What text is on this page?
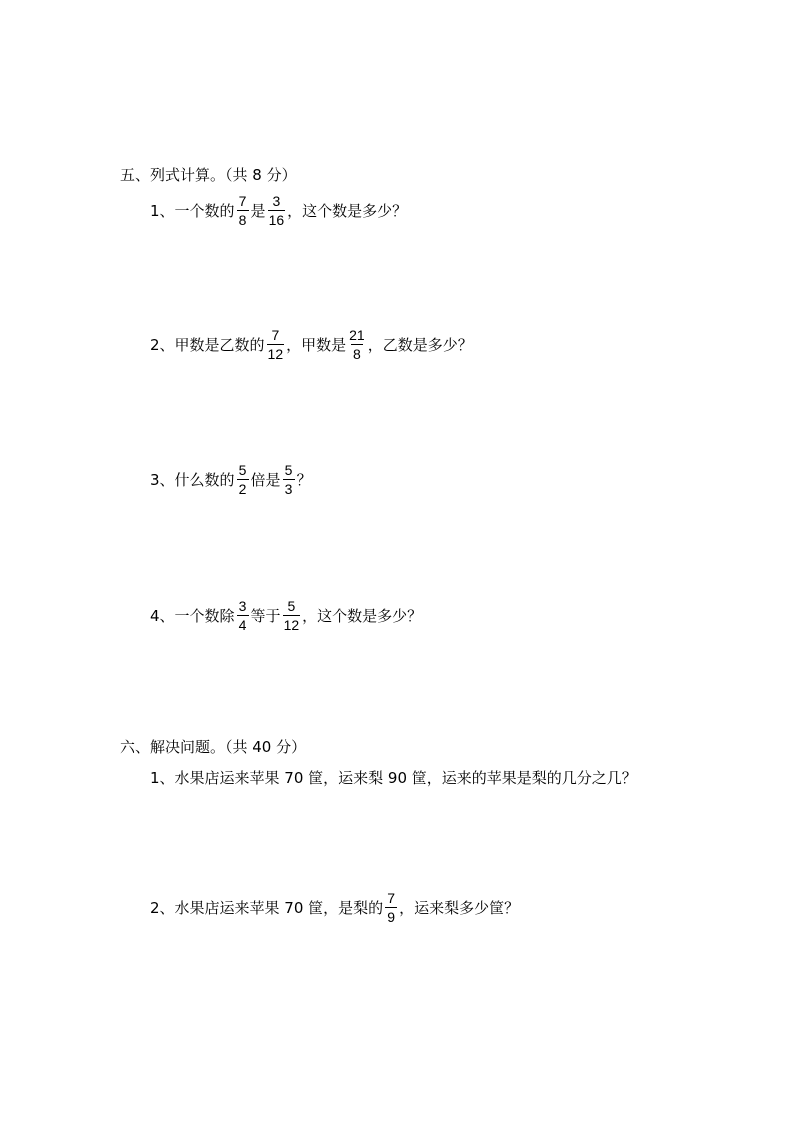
五、列式计算。（共 8 分）
1、一个数的 $\frac{7}{8}$ 是 $\frac{3}{16}$ ，这个数是多少？
2、甲数是乙数的 $\frac{7}{12}$ ，甲数是 $\frac{21}{8}$ ，乙数是多少？
3、什么数的 $\frac{5}{2}$ 倍是 $\frac{5}{3}$ ？
4、一个数除 $\frac{3}{4}$ 等于 $\frac{5}{12}$ ，这个数是多少？
六、解决问题。（共 40 分）
1、水果店运来苹果 70 筐，运来梨 90 筐，运来的苹果是梨的几分之几？
2、水果店运来苹果 70 筐，是梨的 $\frac{7}{9}$ ，运来梨多少筐？
